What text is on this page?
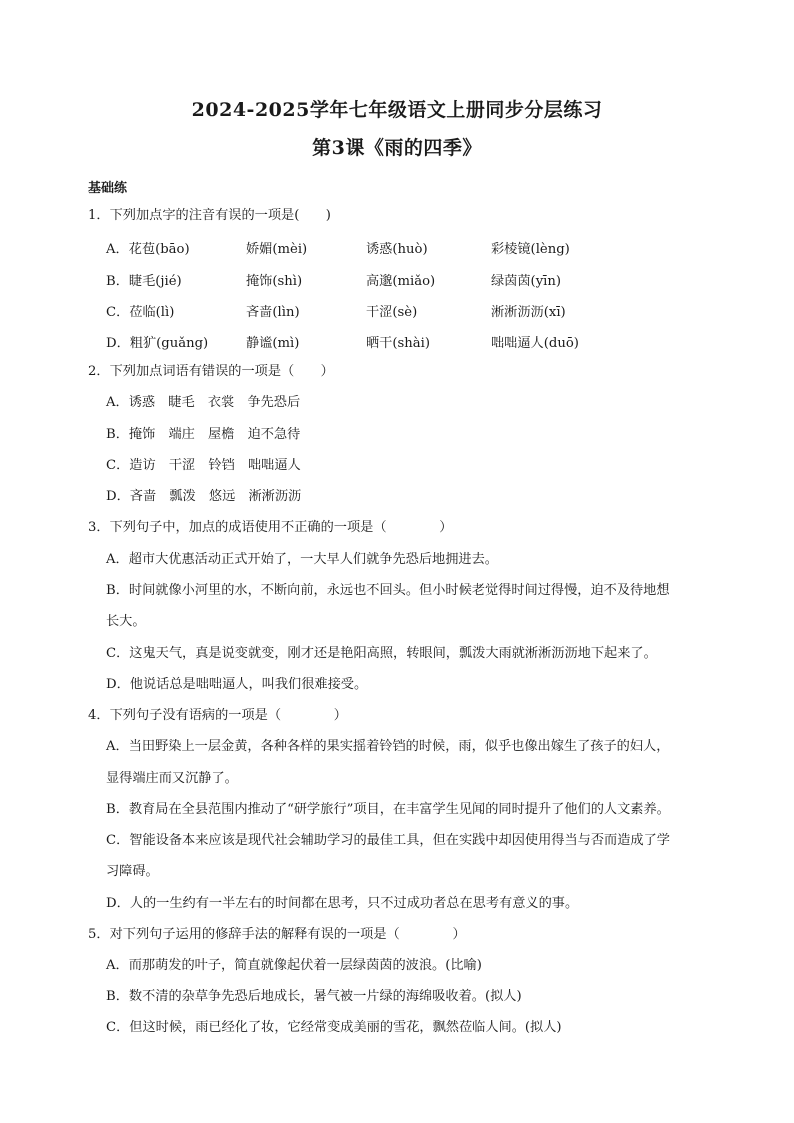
2024-2025学年七年级语文上册同步分层练习
第3课《雨的四季》
基础练
1．下列加点字的注音有误的一项是(　　)
A．花苞(bāo)	娇媚(mèi)	诱惑(huò)	彩棱镜(lèng)
B．睫毛(jié)	掩饰(shì)	高邈(miǎo)	绿茵茵(yīn)
C．莅临(lì)	吝啬(lìn)	干涩(sè)	淅淅沥沥(xī)
D．粗犷(guǎng)	静谧(mì)	晒干(shài)	咄咄逼人(duō)
2．下列加点词语有错误的一项是（　　）
A．诱惑　睫毛　衣裳　争先恐后
B．掩饰　端庄　屋檐　迫不急待
C．造访　干涩　铃铛　咄咄逼人
D．吝啬　瓢泼　悠远　淅淅沥沥
3．下列句子中，加点的成语使用不正确的一项是（　　　　）
A．超市大优惠活动正式开始了，一大早人们就争先恐后地拥进去。
B．时间就像小河里的水，不断向前，永远也不回头。但小时候老觉得时间过得慢，迫不及待地想
长大。
C．这鬼天气，真是说变就变，刚才还是艳阳高照，转眼间，瓢泼大雨就淅淅沥沥地下起来了。
D．他说话总是咄咄逼人，叫我们很难接受。
4．下列句子没有语病的一项是（　　　　）
A．当田野染上一层金黄，各种各样的果实摇着铃铛的时候，雨，似乎也像出嫁生了孩子的妇人，
显得端庄而又沉静了。
B．教育局在全县范围内推动了“研学旅行”项目，在丰富学生见闻的同时提升了他们的人文素养。
C．智能设备本来应该是现代社会辅助学习的最佳工具，但在实践中却因使用得当与否而造成了学
习障碍。
D．人的一生约有一半左右的时间都在思考，只不过成功者总在思考有意义的事。
5．对下列句子运用的修辞手法的解释有误的一项是（　　　　）
A．而那萌发的叶子，简直就像起伏着一层绿茵茵的波浪。(比喻)
B．数不清的杂草争先恐后地成长，暑气被一片绿的海绵吸收着。(拟人)
C．但这时候，雨已经化了妆，它经常变成美丽的雪花，飘然莅临人间。(拟人)
